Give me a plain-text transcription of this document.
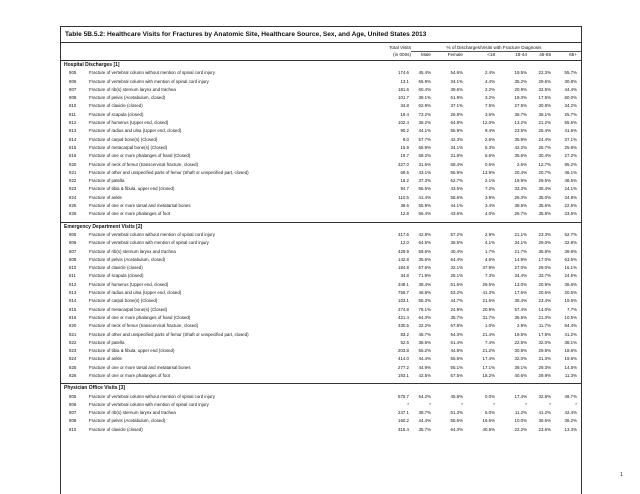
Table 5B.5.2: Healthcare Visits for Fractures by Anatomic Site, Healthcare Source, Sex, and Age, United States 2013
Total Visits
(in 000s)
% of Discharges/Visits with Fracture Diagnosis
Male	Female	<18	18-44	45-65	65+
Hospital Discharges [1]
805	Fracture of vertebral column without mention of spinal cord injury	174.6	45.4%	54.6%	2.4%	19.5%	22.3%	55.7%
806	Fracture of vertebral column with mention of spinal cord injury	13.1	65.9%	34.1%	4.4%	35.2%	29.6%	30.8%
807	Fracture of rib(s) sternum larynx and trachea	181.6	60.4%	39.6%	2.2%	20.9%	32.5%	44.4%
808	Fracture of pelvis (Acetabulum, closed)	101.7	38.1%	61.9%	3.2%	19.3%	17.5%	60.0%
810	Fracture of clavicle (closed)	34.8	62.9%	37.1%	7.5%	27.5%	30.8%	34.2%
811	Fracture of scapula (closed)	19.4	73.2%	26.8%	3.6%	35.7%	35.1%	25.7%
812	Fracture of humerus (Upper end, closed)	102.4	35.2%	64.8%	12.0%	13.2%	21.2%	55.5%
813	Fracture of radius and ulna (Upper end, closed)	90.2	44.1%	55.9%	9.4%	23.5%	25.4%	41.6%
814	Fracture of carpal bone(s) (Closed)	8.0	57.7%	42.3%	2.6%	35.9%	24.4%	37.1%
815	Fracture of metacarpal bone(s) (Closed)	15.9	65.9%	34.1%	5.3%	42.2%	26.7%	25.8%
816	Fracture of one or more phalanges of hand (Closed)	19.7	68.2%	31.8%	6.6%	35.6%	30.4%	27.2%
820	Fracture of neck of femur (transcervical fracture, closed)	327.0	31.6%	68.4%	0.6%	2.6%	12.7%	85.2%
821	Fracture of other and unspecified parts of femur (Shaft or unspecified part, closed)	69.5	43.1%	56.9%	13.9%	20.4%	20.7%	46.1%
822	Fracture of patella	16.2	37.3%	62.7%	2.1%	19.9%	29.5%	48.5%
823	Fracture of tibia & fibula, upper end (closed)	94.7	56.5%	43.5%	7.2%	33.3%	35.4%	24.1%
824	Fracture of ankle	110.5	41.4%	58.6%	3.9%	26.3%	35.0%	34.8%
825	Fracture of one or more tarsal and metatarsal bones	38.6	55.9%	44.1%	3.4%	38.5%	35.6%	22.5%
826	Fracture of one or more phalanges of foot	12.8	56.4%	43.6%	4.0%	26.7%	35.8%	33.5%
Emergency Department Visits [2]
805	Fracture of vertebral column without mention of spinal cord injury	317.6	42.8%	57.2%	2.9%	21.1%	23.3%	52.7%
806	Fracture of vertebral column with mention of spinal cord injury	12.0	64.5%	35.5%	4.1%	34.1%	29.0%	32.8%
807	Fracture of rib(s) sternum larynx and trachea	429.9	59.6%	40.4%	1.7%	21.7%	36.8%	39.8%
808	Fracture of pelvis (Acetabulum, closed)	142.8	35.6%	64.4%	4.6%	14.9%	17.0%	63.5%
810	Fracture of clavicle (closed)	184.8	67.6%	32.1%	37.9%	27.0%	29.0%	16.1%
811	Fracture of scapula (closed)	34.8	71.9%	28.1%	7.3%	34.4%	33.7%	24.6%
812	Fracture of humerus (Upper end, closed)	349.1	38.4%	61.6%	29.5%	13.0%	20.9%	36.6%
813	Fracture of radius and ulna (Upper end, closed)	755.7	46.8%	53.2%	41.3%	17.6%	20.6%	20.5%
814	Fracture of carpal bone(s) (Closed)	103.1	55.3%	44.7%	21.6%	35.4%	23.4%	19.5%
815	Fracture of metacarpal bone(s) (Closed)	274.8	75.1%	24.9%	20.9%	57.4%	14.0%	7.7%
816	Fracture of one or more phalanges of hand (Closed)	421.4	64.3%	35.7%	31.7%	36.5%	21.3%	10.5%
820	Fracture of neck of femur (transcervical fracture, closed)	330.5	32.2%	67.8%	1.0%	2.9%	11.7%	84.4%
821	Fracture of other and unspecified parts of femur (Shaft or unspecified part, closed)	83.2	45.7%	54.3%	21.4%	19.5%	17.8%	41.2%
822	Fracture of patella	52.6	38.6%	61.4%	7.4%	22.5%	32.0%	38.1%
823	Fracture of tibia & fibula, upper end (closed)	203.8	55.2%	44.8%	21.2%	30.8%	29.8%	18.6%
824	Fracture of ankle	414.0	44.4%	55.6%	17.4%	32.0%	31.3%	19.5%
825	Fracture of one or more tarsal and metatarsal bones	277.2	44.9%	55.1%	17.1%	39.1%	29.3%	14.5%
826	Fracture of one or more phalanges of foot	193.1	42.5%	57.5%	18.2%	40.6%	29.9%	11.3%
Physician Office Visits [3]
805	Fracture of vertebral column without mention of spinal cord injury	575.7	54.2%	45.8%	0.0%	17.4%	32.8%	49.7%
806	Fracture of vertebral column with mention of spinal cord injury	*	*	*	*	*	*	*
807	Fracture of rib(s) sternum larynx and trachea	247.1	38.7%	61.3%	5.0%	11.2%	41.2%	42.4%
808	Fracture of pelvis (Acetabulum, closed)	160.2	44.4%	55.6%	16.6%	10.0%	36.6%	36.2%
810	Fracture of clavicle (closed)	315.4	35.7%	64.3%	40.5%	22.2%	23.6%	13.3%
1
